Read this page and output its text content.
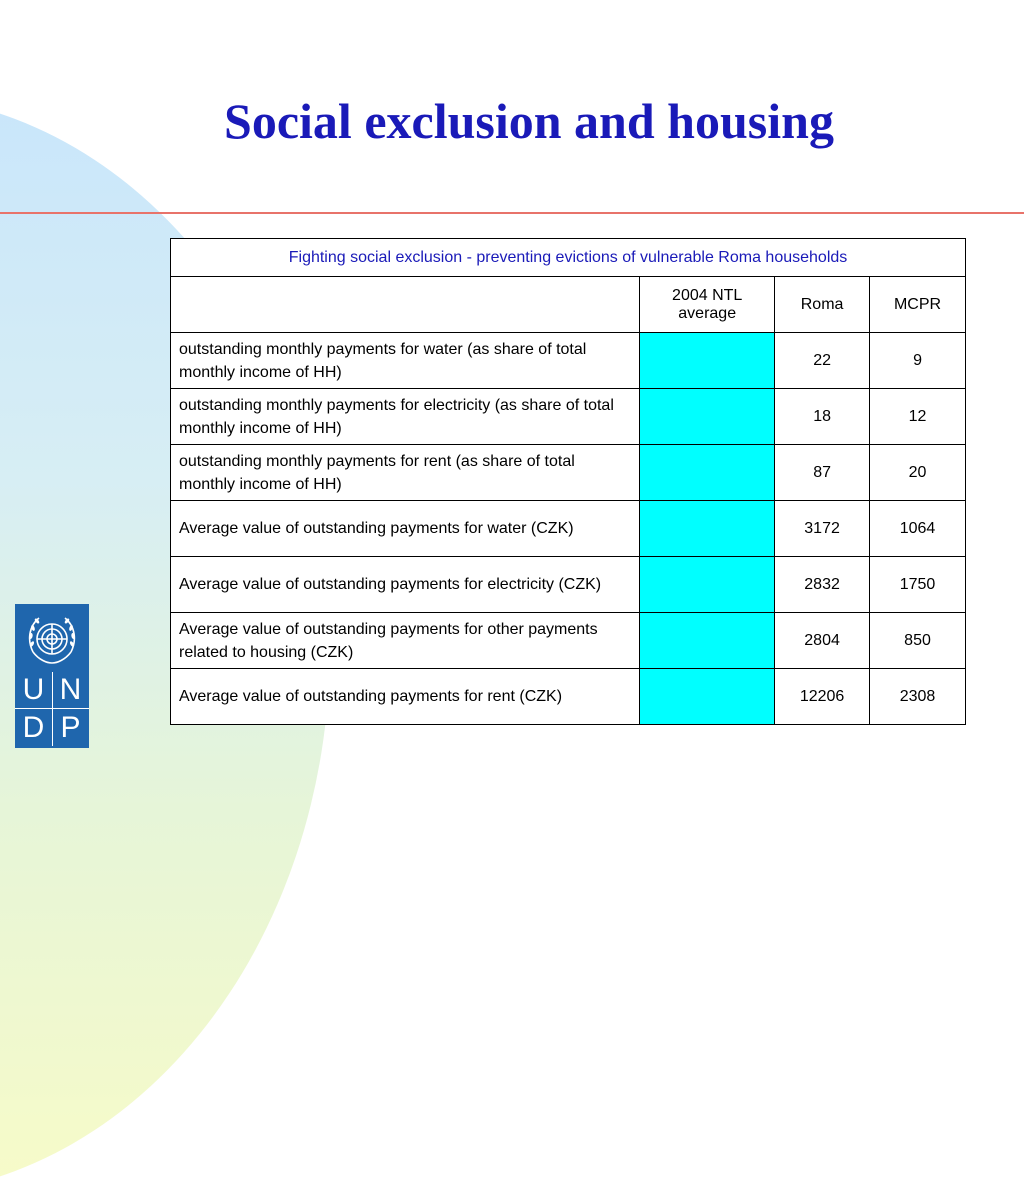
Social exclusion and housing
U N
D P
Fighting social exclusion - preventing evictions of vulnerable Roma households			
	2004 NTL average	Roma	MCPR
outstanding monthly payments for water (as share of total monthly income of HH)		22	9
outstanding monthly payments for electricity (as share of total monthly income of HH)		18	12
outstanding monthly payments for rent (as share of total monthly income of HH)		87	20
Average value of outstanding payments for water (CZK)		3172	1064
Average value of outstanding payments for electricity (CZK)		2832	1750
Average value of outstanding payments for other payments related to housing (CZK)		2804	850
Average value of outstanding payments for rent (CZK)		12206	2308
